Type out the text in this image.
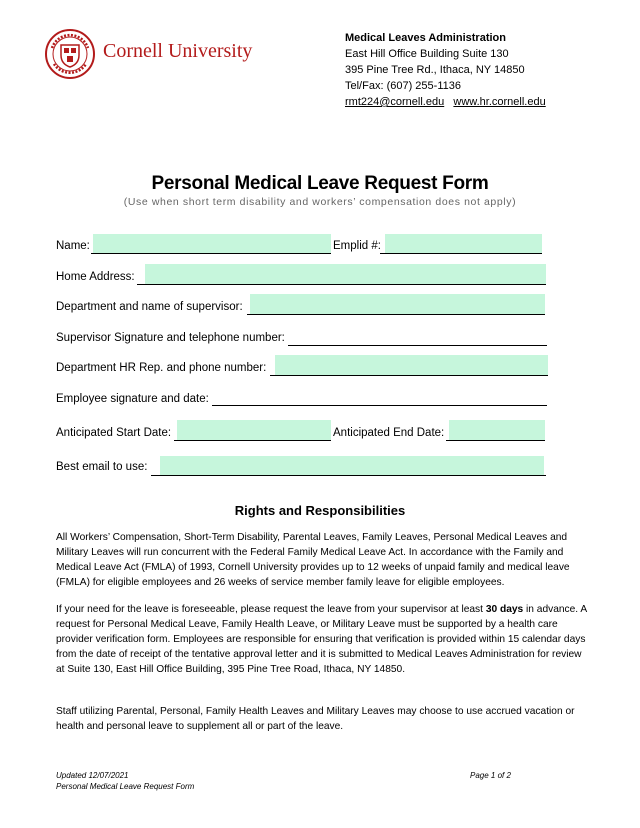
Cornell University
Medical Leaves Administration
East Hill Office Building Suite 130
395 Pine Tree Rd., Ithaca, NY 14850
Tel/Fax: (607) 255-1136
rmt224@cornell.edu www.hr.cornell.edu
Personal Medical Leave Request Form
(Use when short term disability and workers’ compensation does not apply)
Name:	Emplid #:
Home Address:
Department and name of supervisor:
Supervisor Signature and telephone number:
Department HR Rep. and phone number:
Employee signature and date:
Anticipated Start Date:	Anticipated End Date:
Best email to use:
Rights and Responsibilities
All Workers’ Compensation, Short-Term Disability, Parental Leaves, Family Leaves, Personal Medical Leaves and Military Leaves will run concurrent with the Federal Family Medical Leave Act. In accordance with the Family and Medical Leave Act (FMLA) of 1993, Cornell University provides up to 12 weeks of unpaid family and medical leave (FMLA) for eligible employees and 26 weeks of service member family leave for eligible employees.
If your need for the leave is foreseeable, please request the leave from your supervisor at least 30 days in advance. A request for Personal Medical Leave, Family Health Leave, or Military Leave must be supported by a health care provider verification form. Employees are responsible for ensuring that verification is provided within 15 calendar days from the date of receipt of the tentative approval letter and it is submitted to Medical Leaves Administration for review at Suite 130, East Hill Office Building, 395 Pine Tree Road, Ithaca, NY 14850.
Staff utilizing Parental, Personal, Family Health Leaves and Military Leaves may choose to use accrued vacation or health and personal leave to supplement all or part of the leave.
Updated 12/07/2021
Personal Medical Leave Request Form
Page 1 of 2
